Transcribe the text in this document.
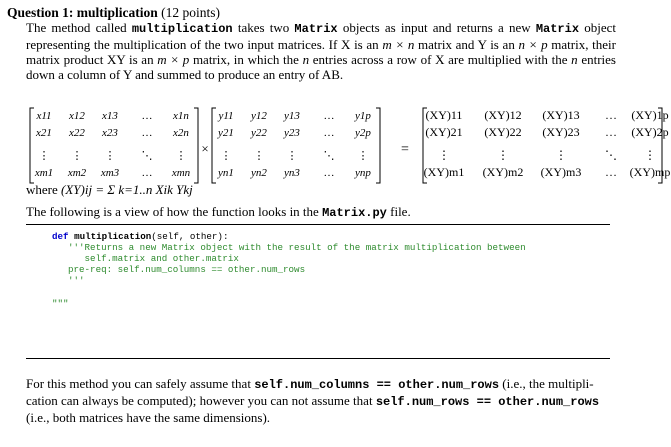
Question 1: multiplication (12 points)
The method called multiplication takes two Matrix objects as input and returns a new Matrix object representing the multiplication of the two input matrices. If X is an m × n matrix and Y is an n × p matrix, their matrix product XY is an m × p matrix, in which the n entries across a row of X are multiplied with the n entries down a column of Y and summed to produce an entry of AB.
x11 x12 x13 … x1n
x21 x22 x23 … x2n
⋮ ⋮ ⋮ ⋱ ⋮
xm1 xm2 xm3 … xmn
y11 y12 y13 … y1p
y21 y22 y23 … y2p
⋮ ⋮ ⋮ ⋱ ⋮
yn1 yn2 yn3 … ynp
(XY)11 (XY)12 (XY)13 … (XY)1p
(XY)21 (XY)22 (XY)23 … (XY)2p
⋮	⋮	⋮	⋱ ⋮
(XY)m1 (XY)m2 (XY)m3 … (XY)mp
×	=
where (XY)ij = Σ k=1..n Xik Ykj
The following is a view of how the function looks in the Matrix.py file.
def multiplication(self, other):
'''Returns a new Matrix object with the result of the matrix multiplication between
self.matrix and other.matrix
pre-req: self.num_columns == other.num_rows
'''
"""
For this method you can safely assume that self.num_columns == other.num_rows (i.e., the multipli- cation can always be computed); however you can not assume that self.num_rows == other.num_rows (i.e., both matrices have the same dimensions).
